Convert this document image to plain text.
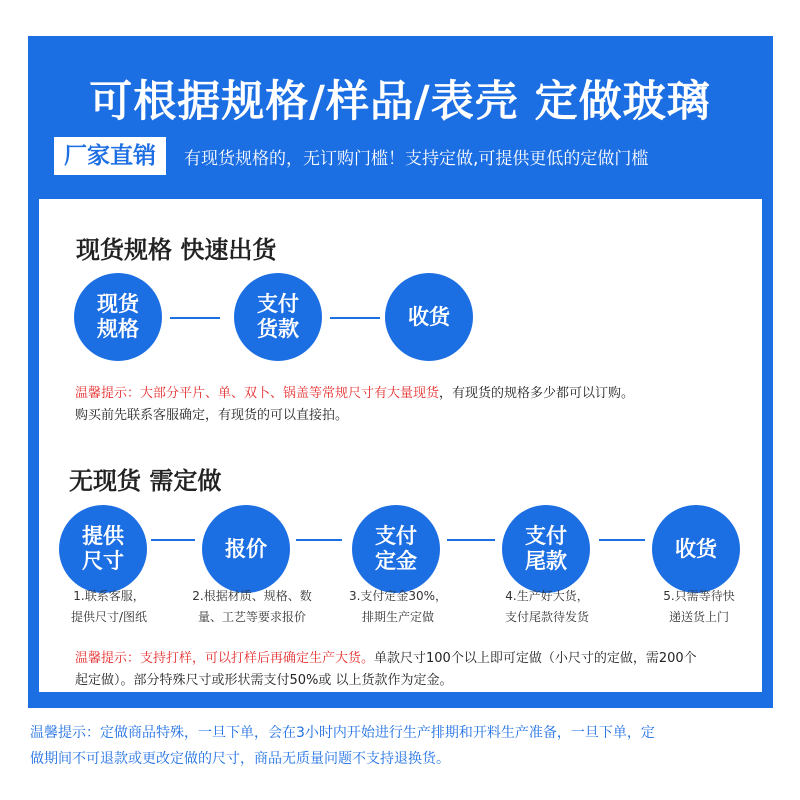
可根据规格/样品/表壳 定做玻璃
厂家直销	有现货规格的，无订购门槛！支持定做,可提供更低的定做门槛
现货规格 快速出货
现货
规格
支付
货款
收货
温馨提示：大部分平片、单、双卜、锅盖等常规尺寸有大量现货，有现货的规格多少都可以订购。
购买前先联系客服确定，有现货的可以直接拍。
无现货 需定做
提供
尺寸
报价
支付
定金
支付
尾款
收货
1.联系客服，
提供尺寸/图纸
2.根据材质、规格、数
量、工艺等要求报价
3.支付定金30%，
排期生产定做
4.生产好大货，
支付尾款待发货
5.只需等待快
递送货上门
温馨提示：支持打样，可以打样后再确定生产大货。单款尺寸100个以上即可定做（小尺寸的定做，需200个
起定做）。部分特殊尺寸或形状需支付50%或 以上货款作为定金。
温馨提示：定做商品特殊，一旦下单，会在3小时内开始进行生产排期和开料生产准备，一旦下单，定
做期间不可退款或更改定做的尺寸，商品无质量问题不支持退换货。
